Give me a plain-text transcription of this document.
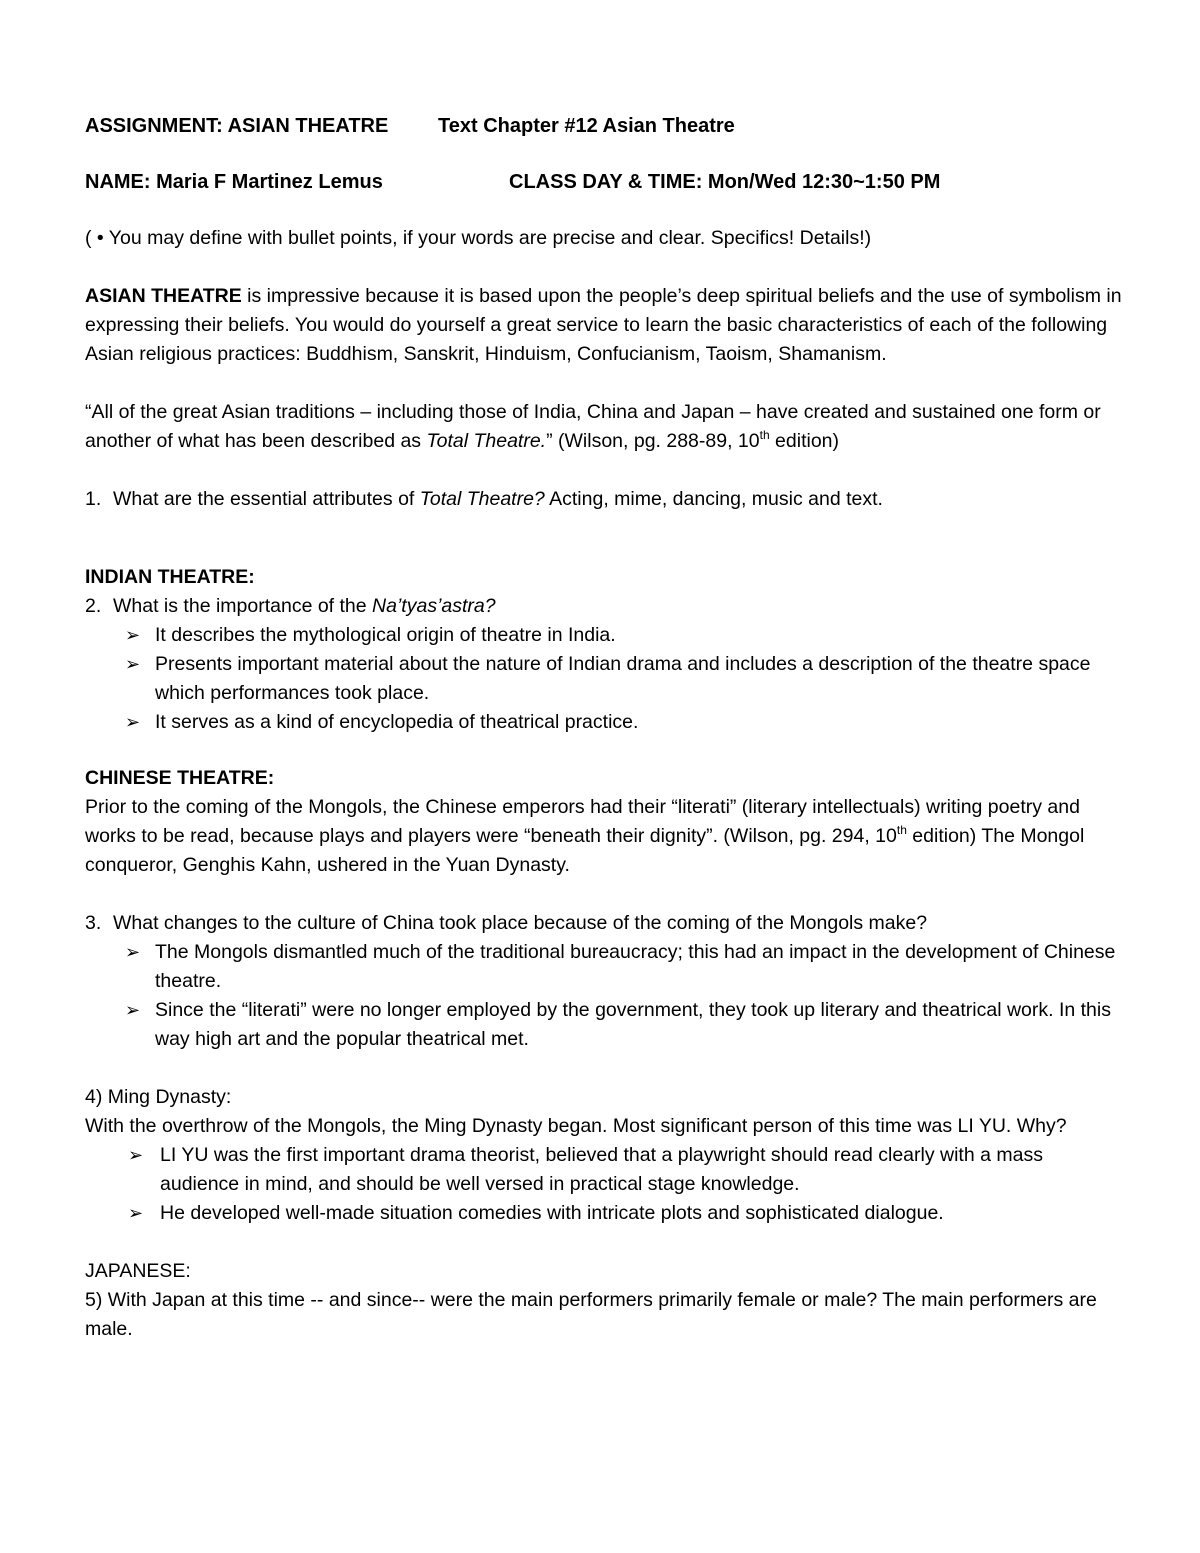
ASSIGNMENT: ASIAN THEATRE Text Chapter #12 Asian Theatre
NAME: Maria F Martinez Lemus	CLASS DAY & TIME: Mon/Wed 12:30~1:50 PM

( • You may define with bullet points, if your words are precise and clear. Specifics! Details!)

ASIAN THEATRE is impressive because it is based upon the people’s deep spiritual beliefs and the use of symbolism in expressing their beliefs. You would do yourself a great service to learn the basic characteristics of each of the following Asian religious practices: Buddhism, Sanskrit, Hinduism, Confucianism, Taoism, Shamanism.

“All of the great Asian traditions – including those of India, China and Japan – have created and sustained one form or another of what has been described as Total Theatre.” (Wilson, pg. 288-89, 10th edition)

1. What are the essential attributes of Total Theatre? Acting, mime, dancing, music and text.

INDIAN THEATRE:

2. What is the importance of the Na’tyas’astra?
➢ It describes the mythological origin of theatre in India.
➢ Presents important material about the nature of Indian drama and includes a description of the theatre space which performances took place.
➢ It serves as a kind of encyclopedia of theatrical practice.

CHINESE THEATRE:

Prior to the coming of the Mongols, the Chinese emperors had their “literati” (literary intellectuals) writing poetry and works to be read, because plays and players were “beneath their dignity”. (Wilson, pg. 294, 10th edition) The Mongol conqueror, Genghis Kahn, ushered in the Yuan Dynasty.

3. What changes to the culture of China took place because of the coming of the Mongols make?
➢ The Mongols dismantled much of the traditional bureaucracy; this had an impact in the development of Chinese theatre.
➢ Since the “literati” were no longer employed by the government, they took up literary and theatrical work. In this way high art and the popular theatrical met.

4) Ming Dynasty:

With the overthrow of the Mongols, the Ming Dynasty began. Most significant person of this time was LI YU. Why?

➢ LI YU was the first important drama theorist, believed that a playwright should read clearly with a mass audience in mind, and should be well versed in practical stage knowledge.
➢ He developed well-made situation comedies with intricate plots and sophisticated dialogue.

JAPANESE:

5) With Japan at this time -- and since-- were the main performers primarily female or male? The main performers are male.
